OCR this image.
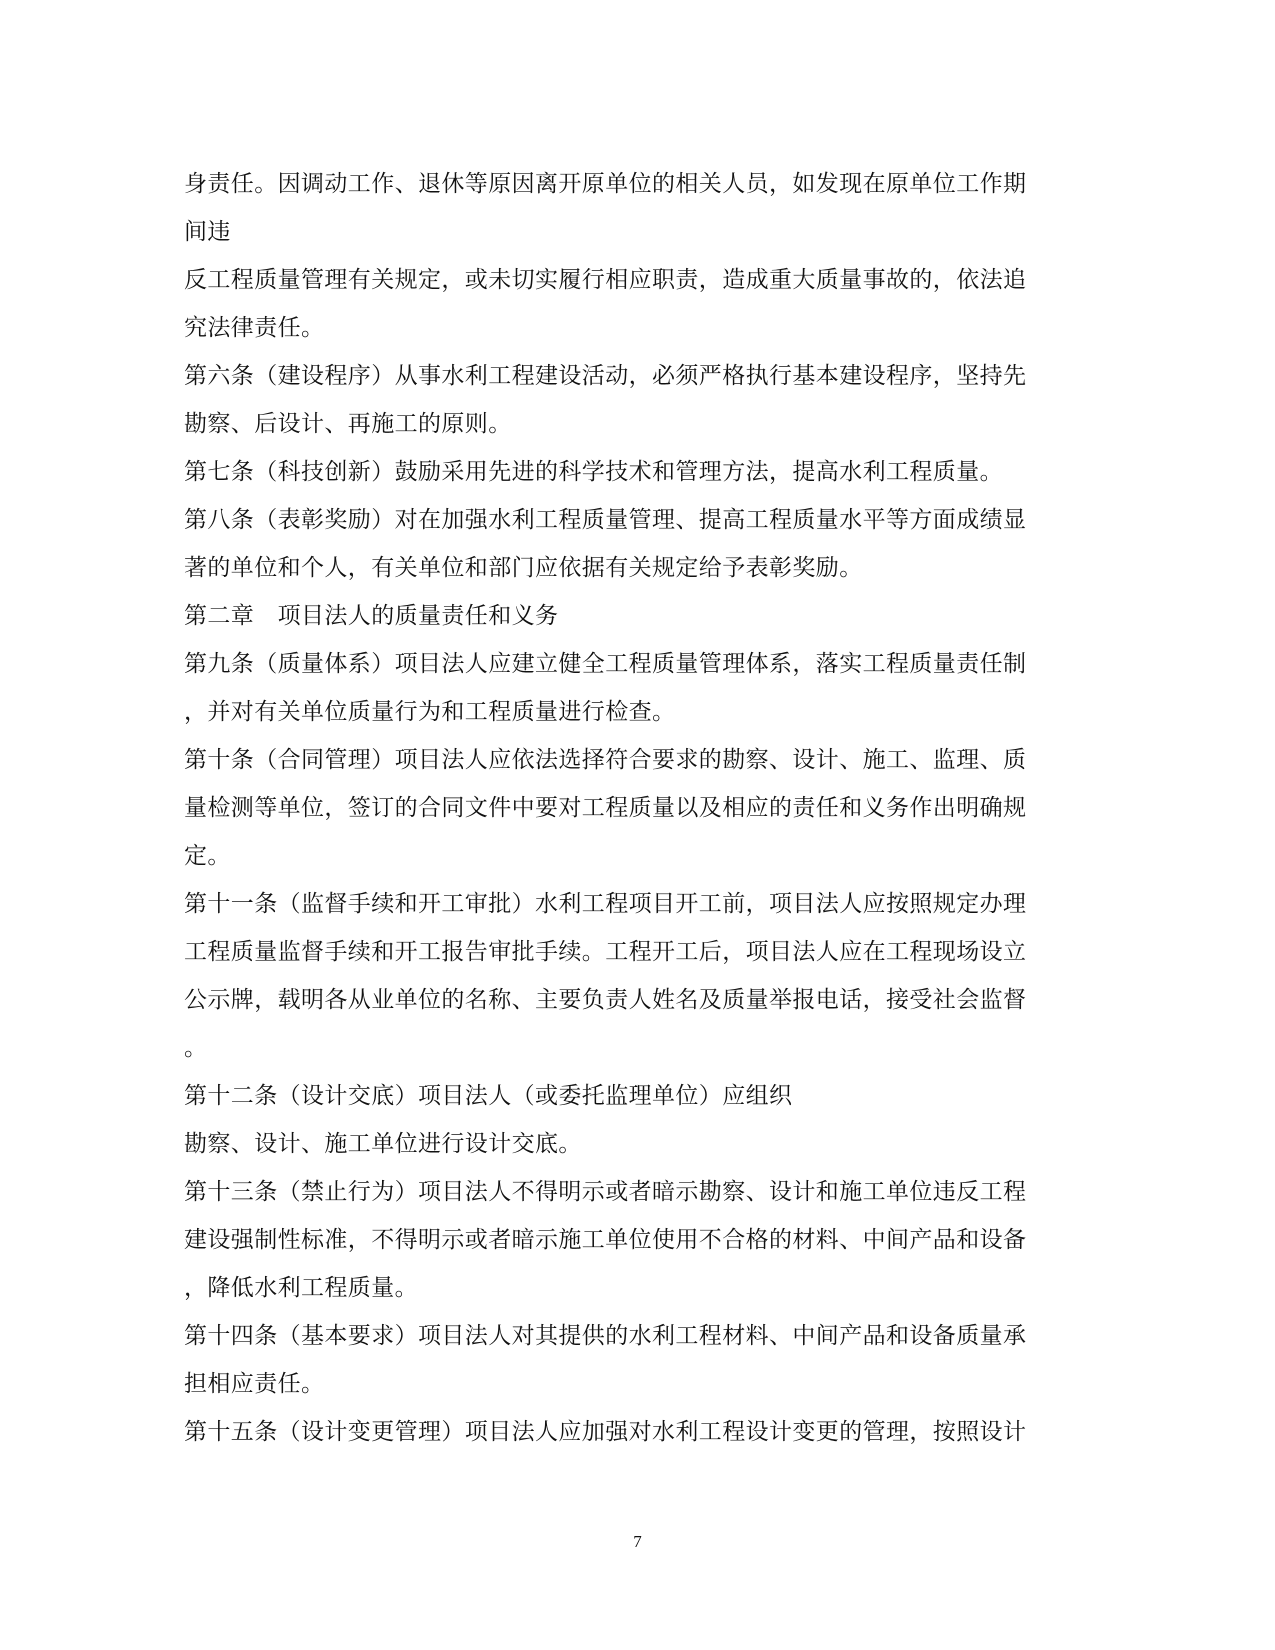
身责任。因调动工作、退休等原因离开原单位的相关人员，如发现在原单位工作期
间违
反工程质量管理有关规定，或未切实履行相应职责，造成重大质量事故的，依法追
究法律责任。
第六条（建设程序）从事水利工程建设活动，必须严格执行基本建设程序，坚持先
勘察、后设计、再施工的原则。
第七条（科技创新）鼓励采用先进的科学技术和管理方法，提高水利工程质量。
第八条（表彰奖励）对在加强水利工程质量管理、提高工程质量水平等方面成绩显
著的单位和个人，有关单位和部门应依据有关规定给予表彰奖励。
第二章　项目法人的质量责任和义务
第九条（质量体系）项目法人应建立健全工程质量管理体系，落实工程质量责任制
，并对有关单位质量行为和工程质量进行检查。
第十条（合同管理）项目法人应依法选择符合要求的勘察、设计、施工、监理、质
量检测等单位，签订的合同文件中要对工程质量以及相应的责任和义务作出明确规
定。
第十一条（监督手续和开工审批）水利工程项目开工前，项目法人应按照规定办理
工程质量监督手续和开工报告审批手续。工程开工后，项目法人应在工程现场设立
公示牌，载明各从业单位的名称、主要负责人姓名及质量举报电话，接受社会监督
。
第十二条（设计交底）项目法人（或委托监理单位）应组织
勘察、设计、施工单位进行设计交底。
第十三条（禁止行为）项目法人不得明示或者暗示勘察、设计和施工单位违反工程
建设强制性标准，不得明示或者暗示施工单位使用不合格的材料、中间产品和设备
，降低水利工程质量。
第十四条（基本要求）项目法人对其提供的水利工程材料、中间产品和设备质量承
担相应责任。
第十五条（设计变更管理）项目法人应加强对水利工程设计变更的管理，按照设计
7
